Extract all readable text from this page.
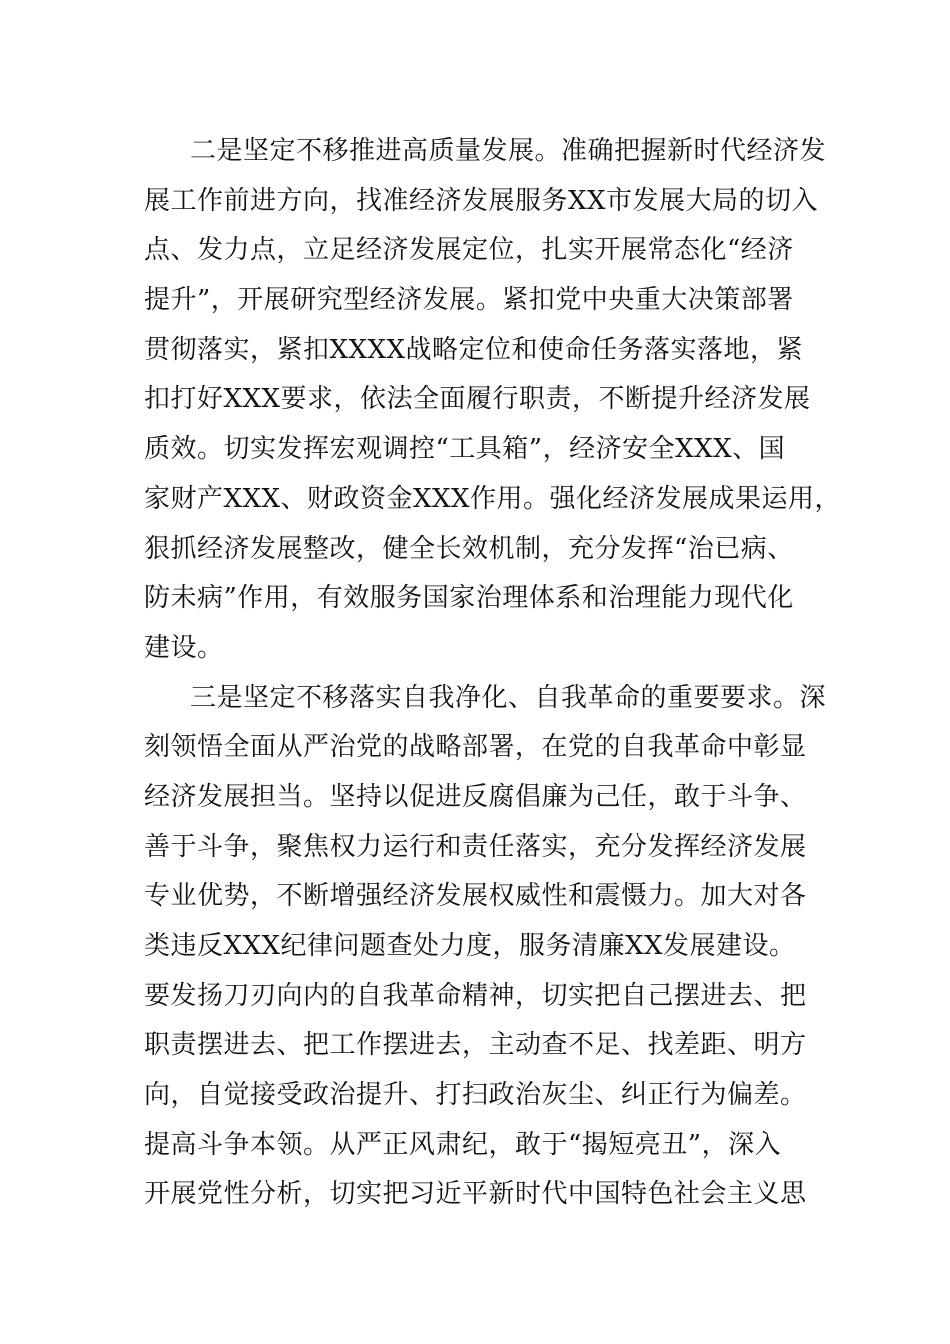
二是坚定不移推进高质量发展。准确把握新时代经济发
展工作前进方向，找准经济发展服务XX市发展大局的切入
点、发力点，立足经济发展定位，扎实开展常态化“经济
提升”，开展研究型经济发展。紧扣党中央重大决策部署
贯彻落实，紧扣XXXX战略定位和使命任务落实落地，紧
扣打好XXX要求，依法全面履行职责，不断提升经济发展
质效。切实发挥宏观调控“工具箱”，经济安全XXX、国
家财产XXX、财政资金XXX作用。强化经济发展成果运用，
狠抓经济发展整改，健全长效机制，充分发挥“治已病、
防未病”作用，有效服务国家治理体系和治理能力现代化
建设。
三是坚定不移落实自我净化、自我革命的重要要求。深
刻领悟全面从严治党的战略部署，在党的自我革命中彰显
经济发展担当。坚持以促进反腐倡廉为己任，敢于斗争、
善于斗争，聚焦权力运行和责任落实，充分发挥经济发展
专业优势，不断增强经济发展权威性和震慑力。加大对各
类违反XXX纪律问题查处力度，服务清廉XX发展建设。
要发扬刀刃向内的自我革命精神，切实把自己摆进去、把
职责摆进去、把工作摆进去，主动查不足、找差距、明方
向，自觉接受政治提升、打扫政治灰尘、纠正行为偏差。
提高斗争本领。从严正风肃纪，敢于“揭短亮丑”，深入
开展党性分析，切实把习近平新时代中国特色社会主义思
